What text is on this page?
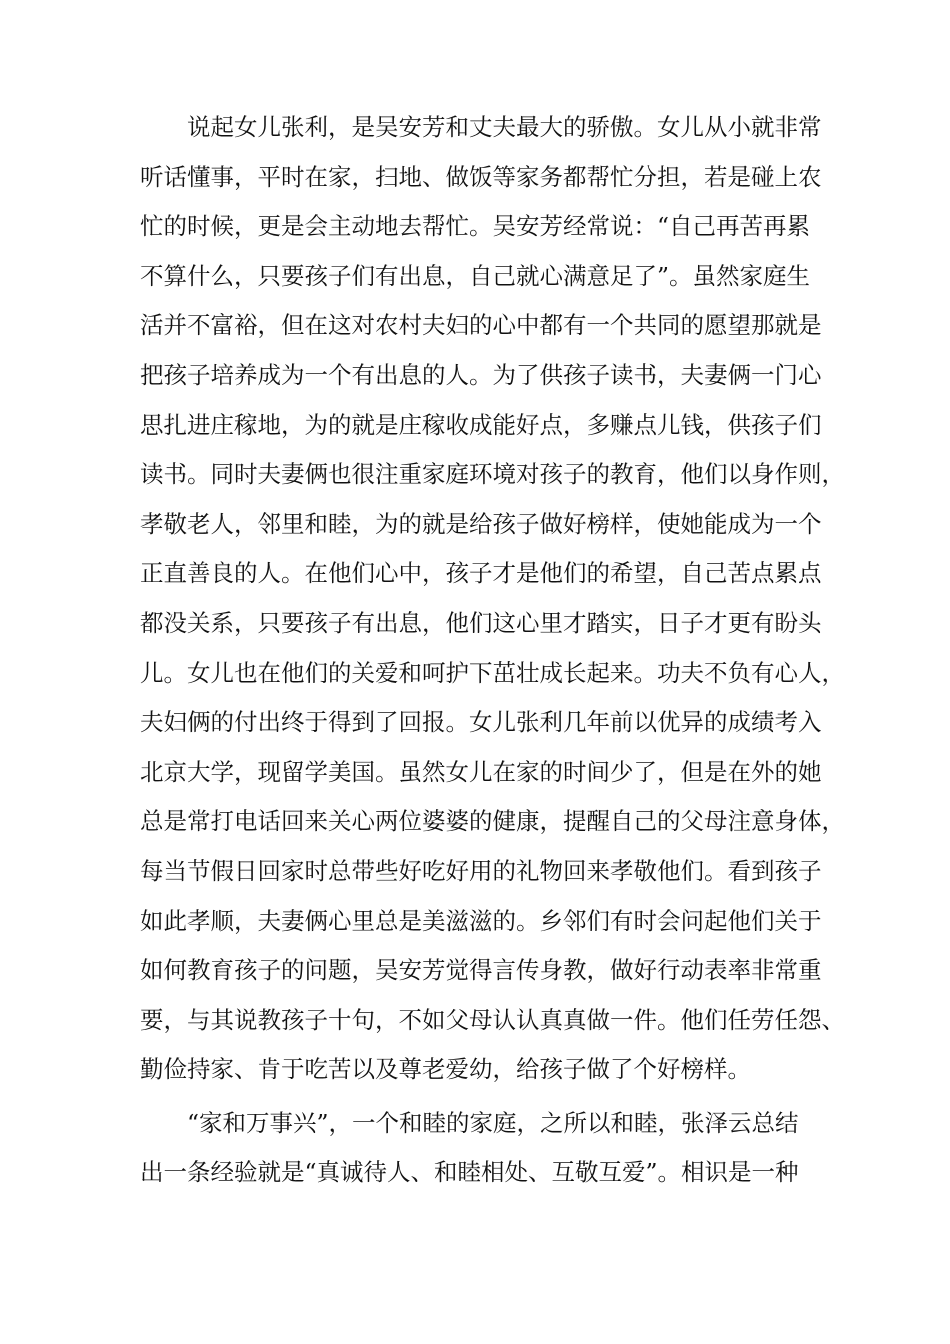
说起女儿张利，是吴安芳和丈夫最大的骄傲。女儿从小就非常
听话懂事，平时在家，扫地、做饭等家务都帮忙分担，若是碰上农
忙的时候，更是会主动地去帮忙。吴安芳经常说：“自己再苦再累
不算什么，只要孩子们有出息，自己就心满意足了”。虽然家庭生
活并不富裕，但在这对农村夫妇的心中都有一个共同的愿望那就是
把孩子培养成为一个有出息的人。为了供孩子读书，夫妻俩一门心
思扎进庄稼地，为的就是庄稼收成能好点，多赚点儿钱，供孩子们
读书。同时夫妻俩也很注重家庭环境对孩子的教育，他们以身作则，
孝敬老人，邻里和睦，为的就是给孩子做好榜样，使她能成为一个
正直善良的人。在他们心中，孩子才是他们的希望，自己苦点累点
都没关系，只要孩子有出息，他们这心里才踏实，日子才更有盼头
儿。女儿也在他们的关爱和呵护下茁壮成长起来。功夫不负有心人，
夫妇俩的付出终于得到了回报。女儿张利几年前以优异的成绩考入
北京大学，现留学美国。虽然女儿在家的时间少了，但是在外的她
总是常打电话回来关心两位婆婆的健康，提醒自己的父母注意身体，
每当节假日回家时总带些好吃好用的礼物回来孝敬他们。看到孩子
如此孝顺，夫妻俩心里总是美滋滋的。乡邻们有时会问起他们关于
如何教育孩子的问题，吴安芳觉得言传身教，做好行动表率非常重
要，与其说教孩子十句，不如父母认认真真做一件。他们任劳任怨、
勤俭持家、肯于吃苦以及尊老爱幼，给孩子做了个好榜样。
“家和万事兴”，一个和睦的家庭，之所以和睦，张泽云总结
出一条经验就是“真诚待人、和睦相处、互敬互爱”。相识是一种
